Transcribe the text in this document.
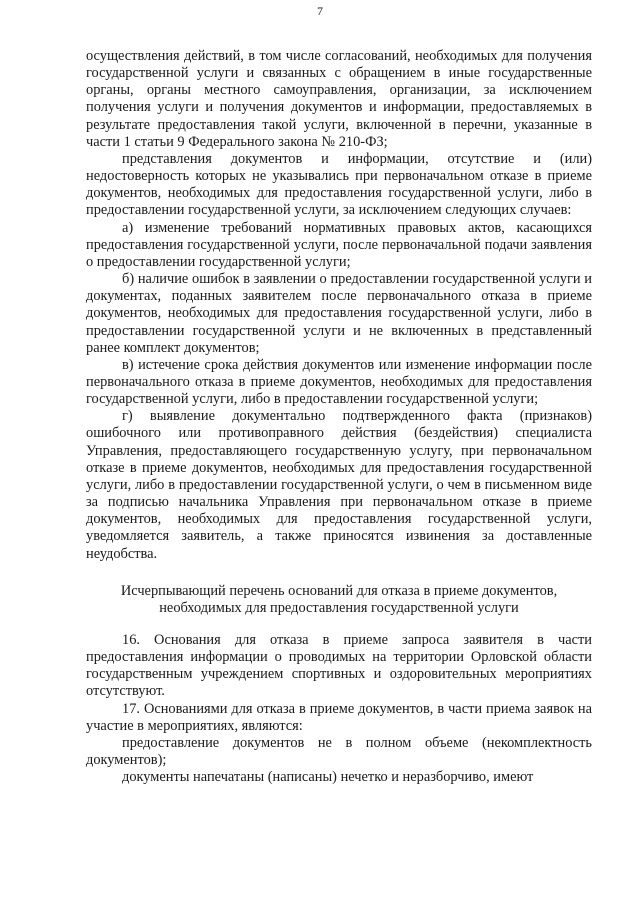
7

осуществления действий, в том числе согласований, необходимых для получения государственной услуги и связанных с обращением в иные государственные органы, органы местного самоуправления, организации, за исключением получения услуги и получения документов и информации, предоставляемых в результате предоставления такой услуги, включенной в перечни, указанные в части 1 статьи 9 Федерального закона № 210-ФЗ;

представления документов и информации, отсутствие и (или) недостоверность которых не указывались при первоначальном отказе в приеме документов, необходимых для предоставления государственной услуги, либо в предоставлении государственной услуги, за исключением следующих случаев:

а) изменение требований нормативных правовых актов, касающихся предоставления государственной услуги, после первоначальной подачи заявления о предоставлении государственной услуги;

б) наличие ошибок в заявлении о предоставлении государственной услуги и документах, поданных заявителем после первоначального отказа в приеме документов, необходимых для предоставления государственной услуги, либо в предоставлении государственной услуги и не включенных в представленный ранее комплект документов;

в) истечение срока действия документов или изменение информации после первоначального отказа в приеме документов, необходимых для предоставления государственной услуги, либо в предоставлении государственной услуги;

г) выявление документально подтвержденного факта (признаков) ошибочного или противоправного действия (бездействия) специалиста Управления, предоставляющего государственную услугу, при первоначальном отказе в приеме документов, необходимых для предоставления государственной услуги, либо в предоставлении государственной услуги, о чем в письменном виде за подписью начальника Управления при первоначальном отказе в приеме документов, необходимых для предоставления государственной услуги, уведомляется заявитель, а также приносятся извинения за доставленные неудобства.

Исчерпывающий перечень оснований для отказа в приеме документов, необходимых для предоставления государственной услуги

16. Основания для отказа в приеме запроса заявителя в части предоставления информации о проводимых на территории Орловской области государственным учреждением спортивных и оздоровительных мероприятиях отсутствуют.

17. Основаниями для отказа в приеме документов, в части приема заявок на участие в мероприятиях, являются:

предоставление документов не в полном объеме (некомплектность документов);

документы напечатаны (написаны) нечетко и неразборчиво, имеют
